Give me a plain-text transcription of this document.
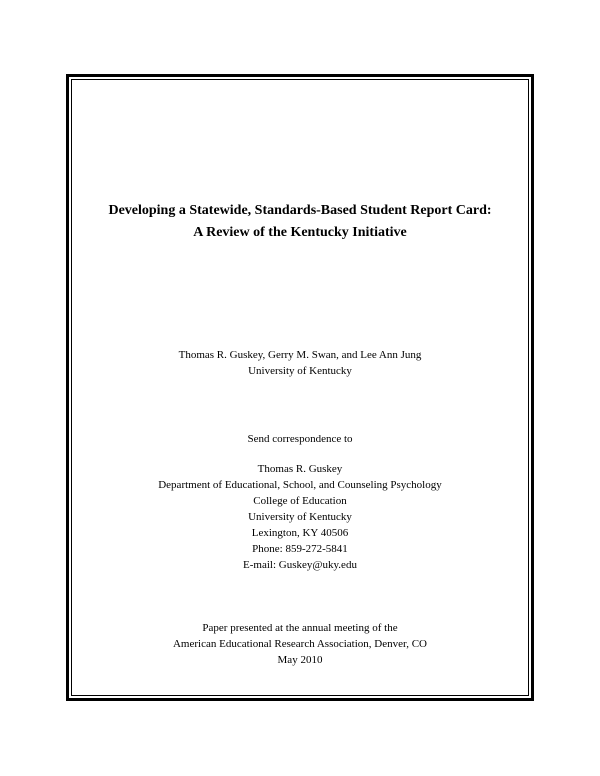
Developing a Statewide, Standards-Based Student Report Card:
A Review of the Kentucky Initiative
Thomas R. Guskey, Gerry M. Swan, and Lee Ann Jung
University of Kentucky
Send correspondence to
Thomas R. Guskey
Department of Educational, School, and Counseling Psychology
College of Education
University of Kentucky
Lexington, KY 40506
Phone: 859-272-5841
E-mail: Guskey@uky.edu
Paper presented at the annual meeting of the
American Educational Research Association, Denver, CO
May 2010
